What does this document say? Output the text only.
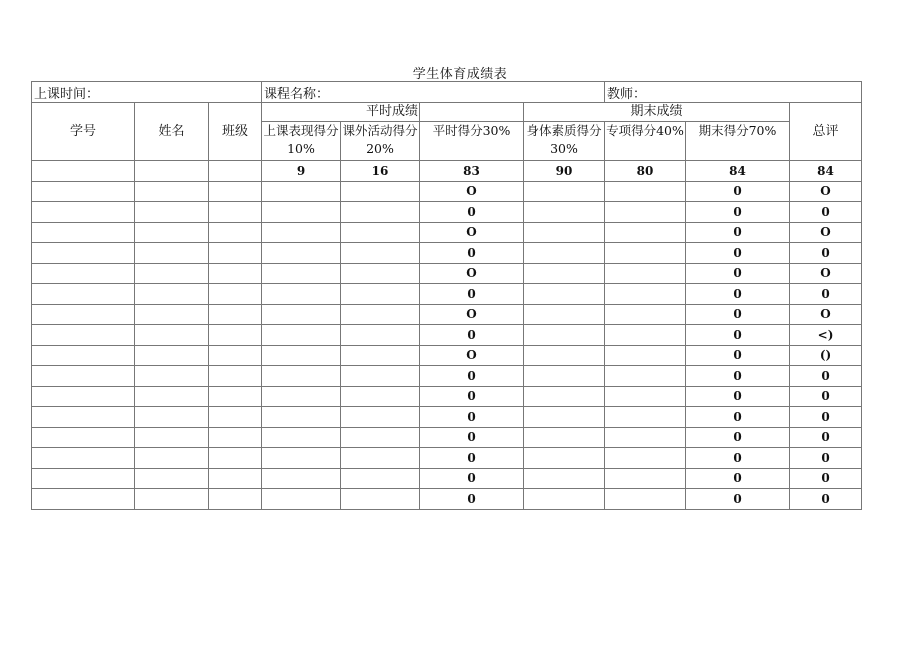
学生体育成绩表
上课时间：			课程名称：				教师：		
学号	姓名	班级	平时成绩			期末成绩			总评
			上课表现得分10%	课外活动得分20%	平时得分30%	身体素质得分30%	专项得分40%	期末得分70%	
			9	16	83	90	80	84	84
					O			0	O
					0			0	0
					O			0	O
					0			0	0
					O			0	O
					0			0	0
					O			0	O
					0			0	<)
					O			0	()
					0			0	0
					0			0	0
					0			0	0
					0			0	0
					0			0	0
					0			0	0
					0			0	0
